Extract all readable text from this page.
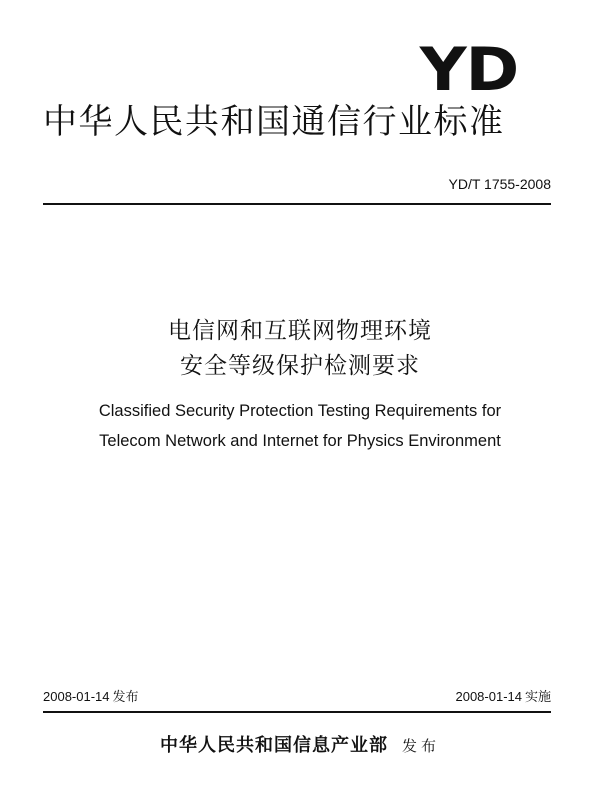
YD
中华人民共和国通信行业标准
YD/T 1755-2008
电信网和互联网物理环境
安全等级保护检测要求
Classified Security Protection Testing Requirements for
Telecom Network and Internet for Physics Environment
2008-01-14 发布	2008-01-14 实施
中华人民共和国信息产业部 发布
